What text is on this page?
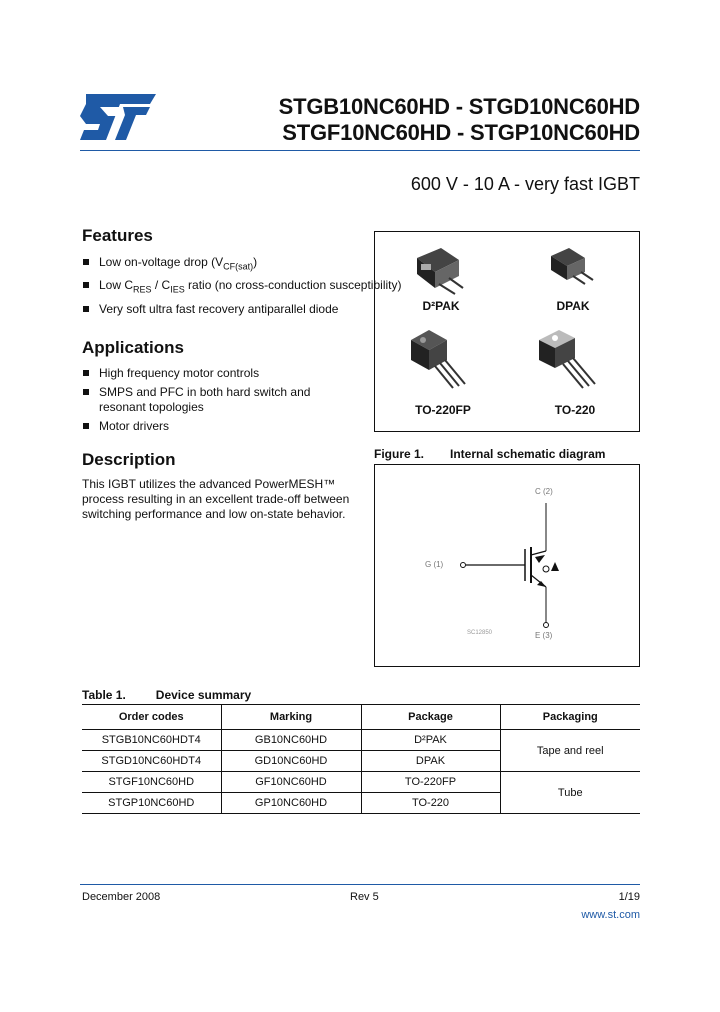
STGB10NC60HD - STGD10NC60HD
STGF10NC60HD - STGP10NC60HD
600 V - 10 A - very fast IGBT
Features
Low on-voltage drop $(V_{CF(sat)})$
Low $C_{RES} / C_{IES}$ ratio (no cross-conduction susceptibility)
Very soft ultra fast recovery antiparallel diode
Applications
High frequency motor controls
SMPS and PFC in both hard switch and resonant topologies
Motor drivers
Description
This IGBT utilizes the advanced PowerMESH™ process resulting in an excellent trade-off between switching performance and low on-state behavior.
D²PAK	DPAK
TO-220FP	TO-220
Figure 1. Internal schematic diagram
C (2)
G (1)
E (3)
SC12850
Table 1.	Device summary
Order codes	Marking	Package	Packaging
STGB10NC60HDT4	GB10NC60HD	D²PAK	Tape and reel
STGD10NC60HDT4	GD10NC60HD	DPAK	
STGF10NC60HD	GF10NC60HD	TO-220FP	Tube
STGP10NC60HD	GP10NC60HD	TO-220	
December 2008	Rev 5	1/19
www.st.com
